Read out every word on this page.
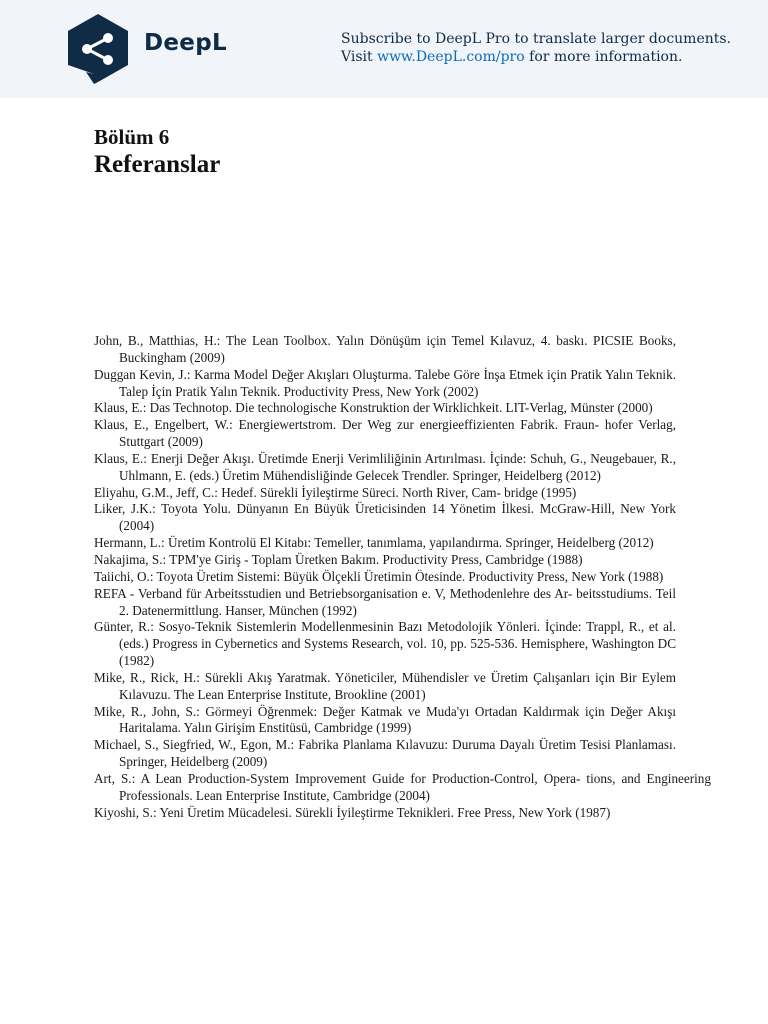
DeepL	Subscribe to DeepL Pro to translate larger documents.
Visit www.DeepL.com/pro for more information.
Bölüm 6
Referanslar

John, B., Matthias, H.: The Lean Toolbox. Yalın Dönüşüm için Temel Kılavuz, 4. baskı. PICSIE Books, Buckingham (2009)

Duggan Kevin, J.: Karma Model Değer Akışları Oluşturma. Talebe Göre İnşa Etmek için Pratik Yalın Teknik. Talep İçin Pratik Yalın Teknik. Productivity Press, New York (2002)

Klaus, E.: Das Technotop. Die technologische Konstruktion der Wirklichkeit. LIT-Verlag, Münster (2000)

Klaus, E., Engelbert, W.: Energiewertstrom. Der Weg zur energieeffizienten Fabrik. Fraun- hofer Verlag, Stuttgart (2009)

Klaus, E.: Enerji Değer Akışı. Üretimde Enerji Verimliliğinin Artırılması. İçinde: Schuh, G., Neugebauer, R., Uhlmann, E. (eds.) Üretim Mühendisliğinde Gelecek Trendler. Springer, Heidelberg (2012)

Eliyahu, G.M., Jeff, C.: Hedef. Sürekli İyileştirme Süreci. North River, Cam- bridge (1995)

Liker, J.K.: Toyota Yolu. Dünyanın En Büyük Üreticisinden 14 Yönetim İlkesi. McGraw-Hill, New York (2004)

Hermann, L.: Üretim Kontrolü El Kitabı: Temeller, tanımlama, yapılandırma. Springer, Heidelberg (2012)

Nakajima, S.: TPM'ye Giriş - Toplam Üretken Bakım. Productivity Press, Cambridge (1988)

Taiichi, O.: Toyota Üretim Sistemi: Büyük Ölçekli Üretimin Ötesinde. Productivity Press, New York (1988)

REFA - Verband für Arbeitsstudien und Betriebsorganisation e. V, Methodenlehre des Ar- beitsstudiums. Teil 2. Datenermittlung. Hanser, München (1992)

Günter, R.: Sosyo-Teknik Sistemlerin Modellenmesinin Bazı Metodolojik Yönleri. İçinde: Trappl, R., et al. (eds.) Progress in Cybernetics and Systems Research, vol. 10, pp. 525-536. Hemisphere, Washington DC (1982)

Mike, R., Rick, H.: Sürekli Akış Yaratmak. Yöneticiler, Mühendisler ve Üretim Çalışanları için Bir Eylem Kılavuzu. The Lean Enterprise Institute, Brookline (2001)

Mike, R., John, S.: Görmeyi Öğrenmek: Değer Katmak ve Muda'yı Ortadan Kaldırmak için Değer Akışı Haritalama. Yalın Girişim Enstitüsü, Cambridge (1999)

Michael, S., Siegfried, W., Egon, M.: Fabrika Planlama Kılavuzu: Duruma Dayalı Üretim Tesisi Planlaması. Springer, Heidelberg (2009)

Art, S.: A Lean Production-System Improvement Guide for Production-Control, Opera- tions, and Engineering Professionals. Lean Enterprise Institute, Cambridge (2004)

Kiyoshi, S.: Yeni Üretim Mücadelesi. Sürekli İyileştirme Teknikleri. Free Press, New York (1987)
